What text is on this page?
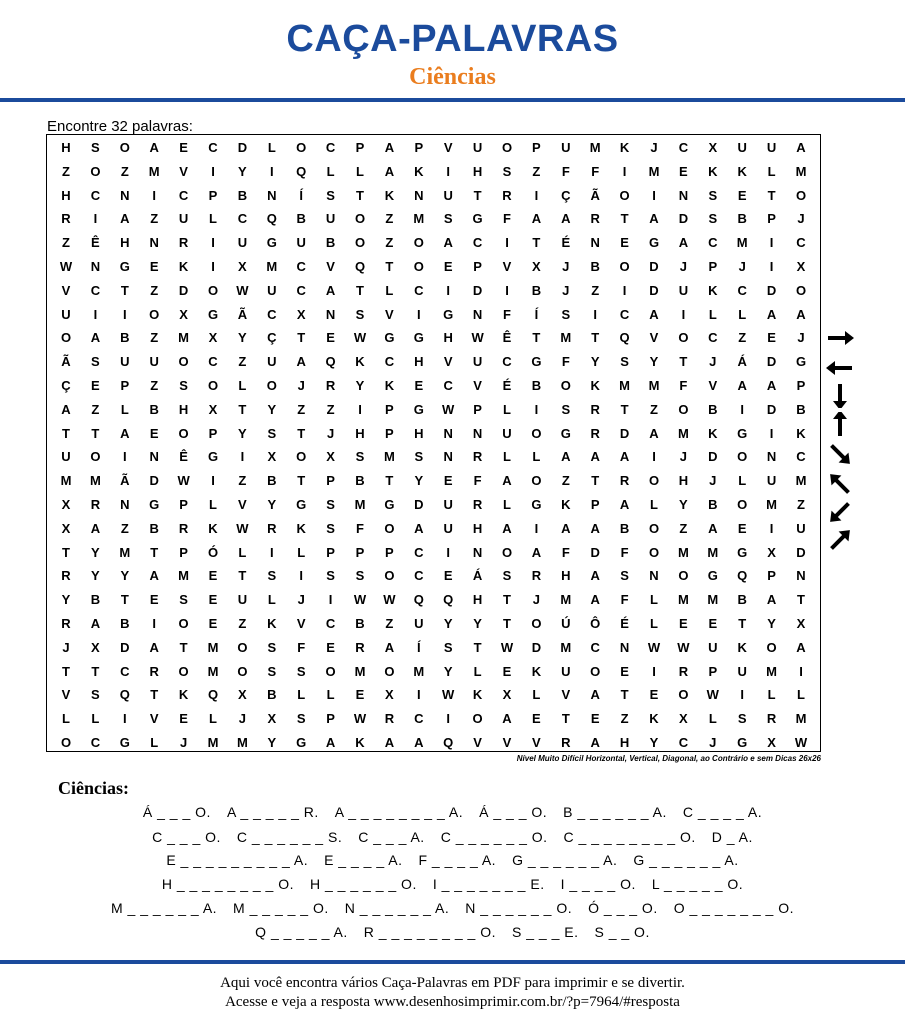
CAÇA-PALAVRAS
Ciências
Encontre 32 palavras:
H	S	O	A	E	C	D	L	O	C	P	A	P	V	U	O	P	U	M	K	J	C	X	U	U	A
Z	O	Z	M	V	I	Y	I	Q	L	L	A	K	I	H	S	Z	F	F	I	M	E	K	K	L	M
H	C	N	I	C	P	B	N	Í	S	T	K	N	U	T	R	I	Ç	Ã	O	I	N	S	E	T	O
R	I	A	Z	U	L	C	Q	B	U	O	Z	M	S	G	F	A	A	R	T	A	D	S	B	P	J
Z	Ê	H	N	R	I	U	G	U	B	O	Z	O	A	C	I	T	É	N	E	G	A	C	M	I	C
W	N	G	E	K	I	X	M	C	V	Q	T	O	E	P	V	X	J	B	O	D	J	P	J	I	X
V	C	T	Z	D	O	W	U	C	A	T	L	C	I	D	I	B	J	Z	I	D	U	K	C	D	O
U	I	I	O	X	G	Ã	C	X	N	S	V	I	G	N	F	Í	S	I	C	A	I	L	L	A	A
O	A	B	Z	M	X	Y	Ç	T	E	W	G	G	H	W	Ê	T	M	T	Q	V	O	C	Z	E	J
Ã	S	U	U	O	C	Z	U	A	Q	K	C	H	V	U	C	G	F	Y	S	Y	T	J	Á	D	G
Ç	E	P	Z	S	O	L	O	J	R	Y	K	E	C	V	É	B	O	K	M	M	F	V	A	A	P
A	Z	L	B	H	X	T	Y	Z	Z	I	P	G	W	P	L	I	S	R	T	Z	O	B	I	D	B
T	T	A	E	O	P	Y	S	T	J	H	P	H	N	N	U	O	G	R	D	A	M	K	G	I	K
U	O	I	N	Ê	G	I	X	O	X	S	M	S	N	R	L	L	A	A	A	I	J	D	O	N	C
M	M	Ã	D	W	I	Z	B	T	P	B	T	Y	E	F	A	O	Z	T	R	O	H	J	L	U	M
X	R	N	G	P	L	V	Y	G	S	M	G	D	U	R	L	G	K	P	A	L	Y	B	O	M	Z
X	A	Z	B	R	K	W	R	K	S	F	O	A	U	H	A	I	A	A	B	O	Z	A	E	I	U
T	Y	M	T	P	Ó	L	I	L	P	P	P	C	I	N	O	A	F	D	F	O	M	M	G	X	D
R	Y	Y	A	M	E	T	S	I	S	S	O	C	E	Á	S	R	H	A	S	N	O	G	Q	P	N
Y	B	T	E	S	E	U	L	J	I	W	W	Q	Q	H	T	J	M	A	F	L	M	M	B	A	T
R	A	B	I	O	E	Z	K	V	C	B	Z	U	Y	Y	T	O	Ú	Ô	É	L	E	E	T	Y	X
J	X	D	A	T	M	O	S	F	E	R	A	Í	S	T	W	D	M	C	N	W	W	U	K	O	A
T	T	C	R	O	M	O	S	S	O	M	O	M	Y	L	E	K	U	O	E	I	R	P	U	M	I
V	S	Q	T	K	Q	X	B	L	L	E	X	I	W	K	X	L	V	A	T	E	O	W	I	L	L
L	L	I	V	E	L	J	X	S	P	W	R	C	I	O	A	E	T	E	Z	K	X	L	S	R	M
O	C	G	L	J	M	M	Y	G	A	K	A	A	Q	V	V	V	R	A	H	Y	C	J	G	X	W
Nível Muito Difícil Horizontal, Vertical, Diagonal, ao Contrário e sem Dicas 26x26
Ciências:
Á _ _ _ O. A _ _ _ _ _ R. A _ _ _ _ _ _ _ _ A. Á _ _ _ O. B _ _ _ _ _ _ A. C _ _ _ _ A.
C _ _ _ O. C _ _ _ _ _ _ S. C _ _ _ A. C _ _ _ _ _ _ O. C _ _ _ _ _ _ _ _ O. D _ A.
E _ _ _ _ _ _ _ _ _ A. E _ _ _ _ A. F _ _ _ _ A. G _ _ _ _ _ _ A. G _ _ _ _ _ _ A.
H _ _ _ _ _ _ _ _ O. H _ _ _ _ _ _ O. I _ _ _ _ _ _ _ E. I _ _ _ _ O. L _ _ _ _ _ O.
M _ _ _ _ _ _ A. M _ _ _ _ _ O. N _ _ _ _ _ _ A. N _ _ _ _ _ _ O. Ó _ _ _ O. O _ _ _ _ _ _ _ O.
Q _ _ _ _ _ A. R _ _ _ _ _ _ _ _ O. S _ _ _ E. S _ _ O.
Aqui você encontra vários Caça-Palavras em PDF para imprimir e se divertir.
Acesse e veja a resposta www.desenhosimprimir.com.br/?p=7964/#resposta
